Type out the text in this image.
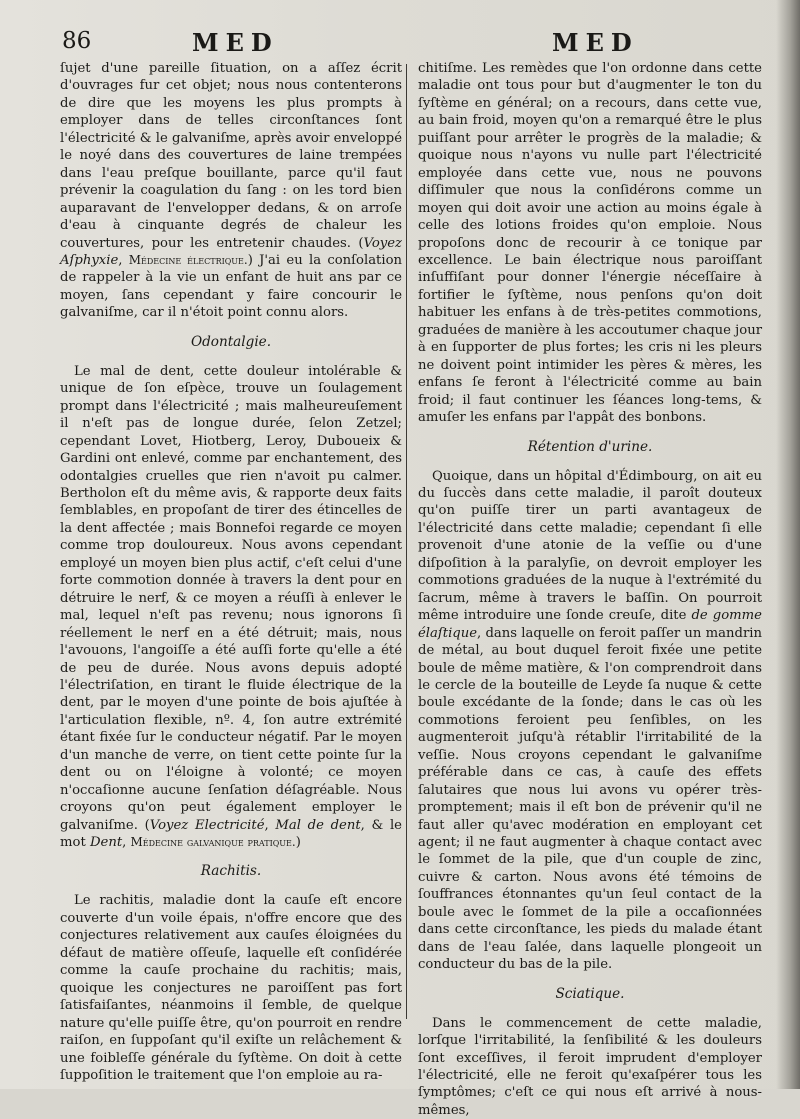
86	MED	MED

ſujet d'une pareille ſituation, on a aſſez écrit d'ouvrages fur cet objet; nous nous contenterons de dire que les moyens les plus prompts à employer dans de telles circonſtances ſont l'électricité & le galvaniſme, après avoir enveloppé le noyé dans des couvertures de laine trempées dans l'eau preſque bouillante, parce qu'il faut prévenir la coagulation du ſang : on les tord bien auparavant de l'envelopper dedans, & on arroſe d'eau à cinquante degrés de chaleur les couvertures, pour les entretenir chaudes. (Voyez Aſphyxie, Médecine électrique.) J'ai eu la conſolation de rappeler à la vie un enfant de huit ans par ce moyen, ſans cependant y faire concourir le galvaniſme, car il n'étoit point connu alors.

Odontalgie.

Le mal de dent, cette douleur intolérable & unique de ſon eſpèce, trouve un ſoulagement prompt dans l'électricité ; mais malheureuſement il n'eſt pas de longue durée, ſelon Zetzel; cependant Lovet, Hiotberg, Leroy, Duboueix & Gardini ont enlevé, comme par enchantement, des odontalgies cruelles que rien n'avoit pu calmer. Bertholon eſt du même avis, & rapporte deux faits ſemblables, en propoſant de tirer des étincelles de la dent affectée ; mais Bonnefoi regarde ce moyen comme trop douloureux. Nous avons cependant employé un moyen bien plus actif, c'eſt celui d'une forte commotion donnée à travers la dent pour en détruire le nerf, & ce moyen a réuſſi à enlever le mal, lequel n'eſt pas revenu; nous ignorons ſi réellement le nerf en a été détruit; mais, nous l'avouons, l'angoiſſe a été auſſi forte qu'elle a été de peu de durée. Nous avons depuis adopté l'électriſation, en tirant le fluide électrique de la dent, par le moyen d'une pointe de bois ajuſtée à l'articulation flexible, nº. 4, ſon autre extrémité étant fixée ſur le conducteur négatif. Par le moyen d'un manche de verre, on tient cette pointe ſur la dent ou on l'éloigne à volonté; ce moyen n'occaſionne aucune ſenſation déſagréable. Nous croyons qu'on peut également employer le galvaniſme. (Voyez Electricité, Mal de dent, & le mot Dent, Médecine galvanique pratique.)

Rachitis.

Le rachitis, maladie dont la cauſe eſt encore couverte d'un voile épais, n'offre encore que des conjectures relativement aux cauſes éloignées du défaut de matière oſſeuſe, laquelle eſt conſidérée comme la cauſe prochaine du rachitis; mais, quoique les conjectures ne paroiſſent pas fort ſatisfaiſantes, néanmoins il ſemble, de quelque nature qu'elle puiſſe être, qu'on pourroit en rendre raiſon, en ſuppoſant qu'il exiſte un relâchement & une foibleſſe générale du ſyſtème. On doit à cette ſuppoſition le traitement que l'on emploie au ra-

chitiſme. Les remèdes que l'on ordonne dans cette maladie ont tous pour but d'augmenter le ton du ſyſtème en général; on a recours, dans cette vue, au bain froid, moyen qu'on a remarqué être le plus puiſſant pour arrêter le progrès de la maladie; & quoique nous n'ayons vu nulle part l'électricité employée dans cette vue, nous ne pouvons diſſimuler que nous la conſidérons comme un moyen qui doit avoir une action au moins égale à celle des lotions froides qu'on emploie. Nous propoſons donc de recourir à ce tonique par excellence. Le bain électrique nous paroiſſant inſuffiſant pour donner l'énergie néceſſaire à fortifier le ſyſtème, nous penſons qu'on doit habituer les enfans à de très-petites commotions, graduées de manière à les accoutumer chaque jour à en ſupporter de plus fortes; les cris ni les pleurs ne doivent point intimider les pères & mères, les enfans ſe feront à l'électricité comme au bain froid; il faut continuer les ſéances long-tems, & amuſer les enfans par l'appât des bonbons.

Rétention d'urine.

Quoique, dans un hôpital d'Édimbourg, on ait eu du ſuccès dans cette maladie, il paroît douteux qu'on puiſſe tirer un parti avantageux de l'électricité dans cette maladie; cependant ſi elle provenoit d'une atonie de la veſſie ou d'une diſpoſition à la paralyſie, on devroit employer les commotions graduées de la nuque à l'extrémité du ſacrum, même à travers le baſſin. On pourroit même introduire une ſonde creuſe, dite de gomme élaſtique, dans laquelle on feroit paſſer un mandrin de métal, au bout duquel feroit fixée une petite boule de même matière, & l'on comprendroit dans le cercle de la bouteille de Leyde ſa nuque & cette boule excédante de la ſonde; dans le cas où les commotions feroient peu ſenſibles, on les augmenteroit juſqu'à rétablir l'irritabilité de la veſſie. Nous croyons cependant le galvaniſme préférable dans ce cas, à cauſe des effets ſalutaires que nous lui avons vu opérer très-promptement; mais il eſt bon de prévenir qu'il ne faut aller qu'avec modération en employant cet agent; il ne faut augmenter à chaque contact avec le ſommet de la pile, que d'un couple de zinc, cuivre & carton. Nous avons été témoins de ſouffrances étonnantes qu'un ſeul contact de la boule avec le ſommet de la pile a occaſionnées dans cette circonſtance, les pieds du malade étant dans de l'eau ſalée, dans laquelle plongeoit un conducteur du bas de la pile.

Sciatique.

Dans le commencement de cette maladie, lorſque l'irritabilité, la ſenſibilité & les douleurs ſont exceſſives, il feroit imprudent d'employer l'électricité, elle ne feroit qu'exaſpérer tous les ſymptômes; c'eſt ce qui nous eſt arrivé à nous-mêmes,
